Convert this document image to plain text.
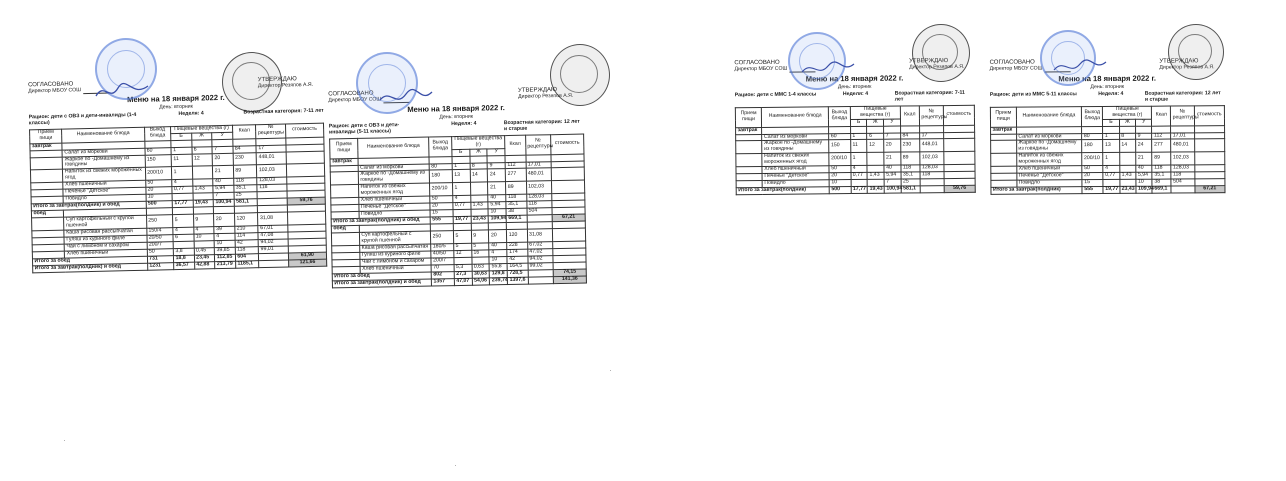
СОГЛАСОВАНО
Директор МБОУ СОШ
УТВЕРЖДАЮ
Директор Резяпов А.Я.
Меню на 18 января 2022 г.
День: вторник
Рацион: дети с ОВЗ и дети-инвалиды (1-4 классы)
Неделя: 4	Возрастная категория: 7-11 лет
Прием пищи	Наименование блюда	Выход блюда	Пищевые вещества (г)			Ккал	№ рецептуры	стоимость
			Б	Ж	У			
завтрак								
	Салат из моркови	60	1	6	7	84	17	
	Жаркое по -Домашнему из говядины	150	11	12	20	230	448,01	
	Напиток из свежих мороженных ягод	200/10	1		21	89	102,03	
	Хлеб пшеничный	50	4		40	118	128,03	
	Печенье "Детское"	20	0,77	1,43	5,94	35,1	118	
	Повидло	10			7	25		
Итого за завтрак(полдник) и обед		500	17,77	19,43	100,94	581,1		59,76
обед								
	Суп картофельный с крупой пшенной	250	5	9	20	120	31,08	
	Каша рисовая рассыпчатая	150/4	4	4	39	210	67,01	
	Гуляш из куриного филе	20/50	6	10	4	114	47,08	
	Чай с лимоном и сахаром	200/7			10	42	94,02	
	Хлеб пшеничный	50	3,8	0,45	39,85	118	99,01	
Итого за обед		731	18,8	23,45	112,85	604		61,90
Итого за завтрак(полдник) и обед		1231	36,57	42,88	213,79	1185,1		121,66
СОГЛАСОВАНО
Директор МБОУ СОШ
УТВЕРЖДАЮ
Директор Резяпов А.Я.
Меню на 18 января 2022 г.
День: вторник
Рацион: дети с ОВЗ и дети-инвалиды (5-11 классы)
Неделя: 4	Возрастная категория: 12 лет и старше
Прием пищи	Наименование блюда	Выход блюда	Пищевые вещества (г)			Ккал	№ рецептуры	стоимость
			Б	Ж	У			
завтрак								
	Салат из моркови	80	1	8	9	112	17,01	
	Жаркое по -Домашнему из говядины	180	13	14	24	277	480,01	
	Напиток из свежих мороженных ягод	200/10	1		21	89	102,03	
	Хлеб пшеничный	50	4		40	118	128,03	
	Печенье "Детское"	20	0,77	1,43	5,94	35,1	118	
	Повидло	15			10	38	504	
Итого за завтрак(полдник) и обед		555	19,77	23,43	109,94	669,1		67,21
обед								
	Суп картофельный с крупой пшенной	250	5	9	20	120	31,08	
	Каша рисовая рассыпчатая	180/5	5	5	40	228	67,02	
	Гуляш из куриного филе	40/50	12	16	4	174	47,02	
	Чай с лимоном и сахаром	200/7			10	42	94,02	
	Хлеб пшеничный	70	5,3	0,63	55,8	164,5	99,02	
Итого за обед		802	27,3	30,63	129,8	728,5		74,15
Итого за завтрак(полдник) и обед		1357	47,07	54,06	239,74	1397,6		141,36
СОГЛАСОВАНО
Директор МБОУ СОШ
УТВЕРЖДАЮ
Директор Резяпов А.Я.
Меню на 18 января 2022 г.
День: вторник
Рацион: дети с ММС 1-4 классы	Неделя: 4	Возрастная категория: 7-11 лет
Прием пищи	Наименование блюда	Выход блюда	Пищевые вещества (г)			Ккал	№ рецептуры	стоимость
			Б	Ж	У			
завтрак								
	Салат из моркови	60	1	6	7	84	17	
	Жаркое по -Домашнему из говядины	150	11	12	20	230	448,01	
	Напиток из свежих мороженных ягод	200/10	1		21	89	102,03	
	Хлеб пшеничный	50	4		40	118	128,03	
	Печенье "Детское"	20	0,77	1,43	5,94	35,1	118	
	Повидло	10			7	25		
Итого за завтрак(полдник)		500	17,77	19,43	100,94	581,1		59,76
СОГЛАСОВАНО
Директор МБОУ СОШ
УТВЕРЖДАЮ
Директор Резяпов А.Я.
Меню на 18 января 2022 г.
День: вторник
Рацион: дети из ММС 5-11 классы	Неделя: 4	Возрастная категория: 12 лет и старше
Прием пищи	Наименование блюда	Выход блюда	Пищевые вещества (г)			Ккал	№ рецептуры	стоимость
			Б	Ж	У			
завтрак								
	Салат из моркови	80	1	8	9	112	17,01	
	Жаркое по -Домашнему из говядины	180	13	14	24	277	480,01	
	Напиток из свежих мороженных ягод	200/10	1		21	89	102,03	
	Хлеб пшеничный	50	4		40	118	128,03	
	Печенье "Детское"	20	0,77	1,43	5,94	35,1	118	
	Повидло	15			10	38	504	
Итого за завтрак(полдник)		555	19,77	23,43	109,94	669,1		67,21
